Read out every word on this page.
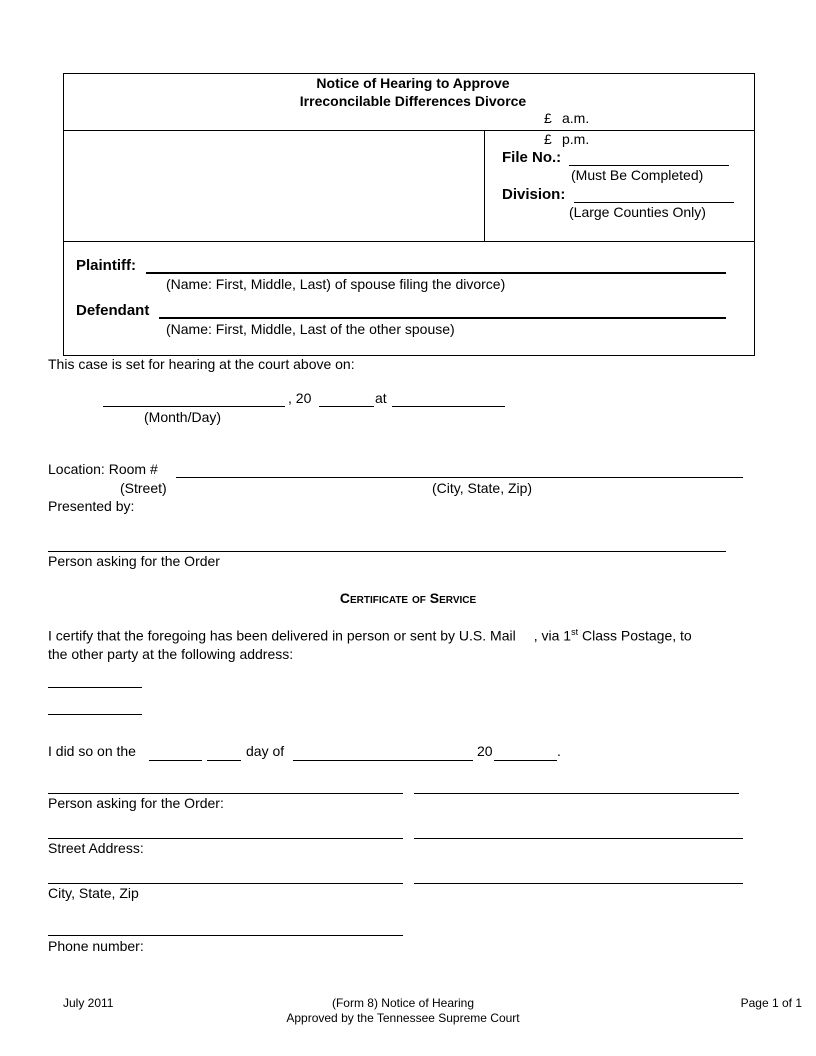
Notice of Hearing to Approve
Irreconcilable Differences Divorce
£ a.m.
£ p.m.
File No.:
(Must Be Completed)
Division:
(Large Counties Only)
Plaintiff:
(Name: First, Middle, Last) of spouse filing the divorce)
Defendant
(Name: First, Middle, Last of the other spouse)
This case is set for hearing at the court above on:
, 20	at
(Month/Day)
Location: Room #
(Street)	(City, State, Zip)
Presented by:
Person asking for the Order
Certificate of Service
I certify that the foregoing has been delivered in person or sent by U.S. Mail , via 1st Class Postage, to
the other party at the following address:
I did so on the	day of	20	.
Person asking for the Order:
Street Address:
City, State, Zip
Phone number:
July 2011	(Form 8) Notice of Hearing
Approved by the Tennessee Supreme Court
Page 1 of 1
